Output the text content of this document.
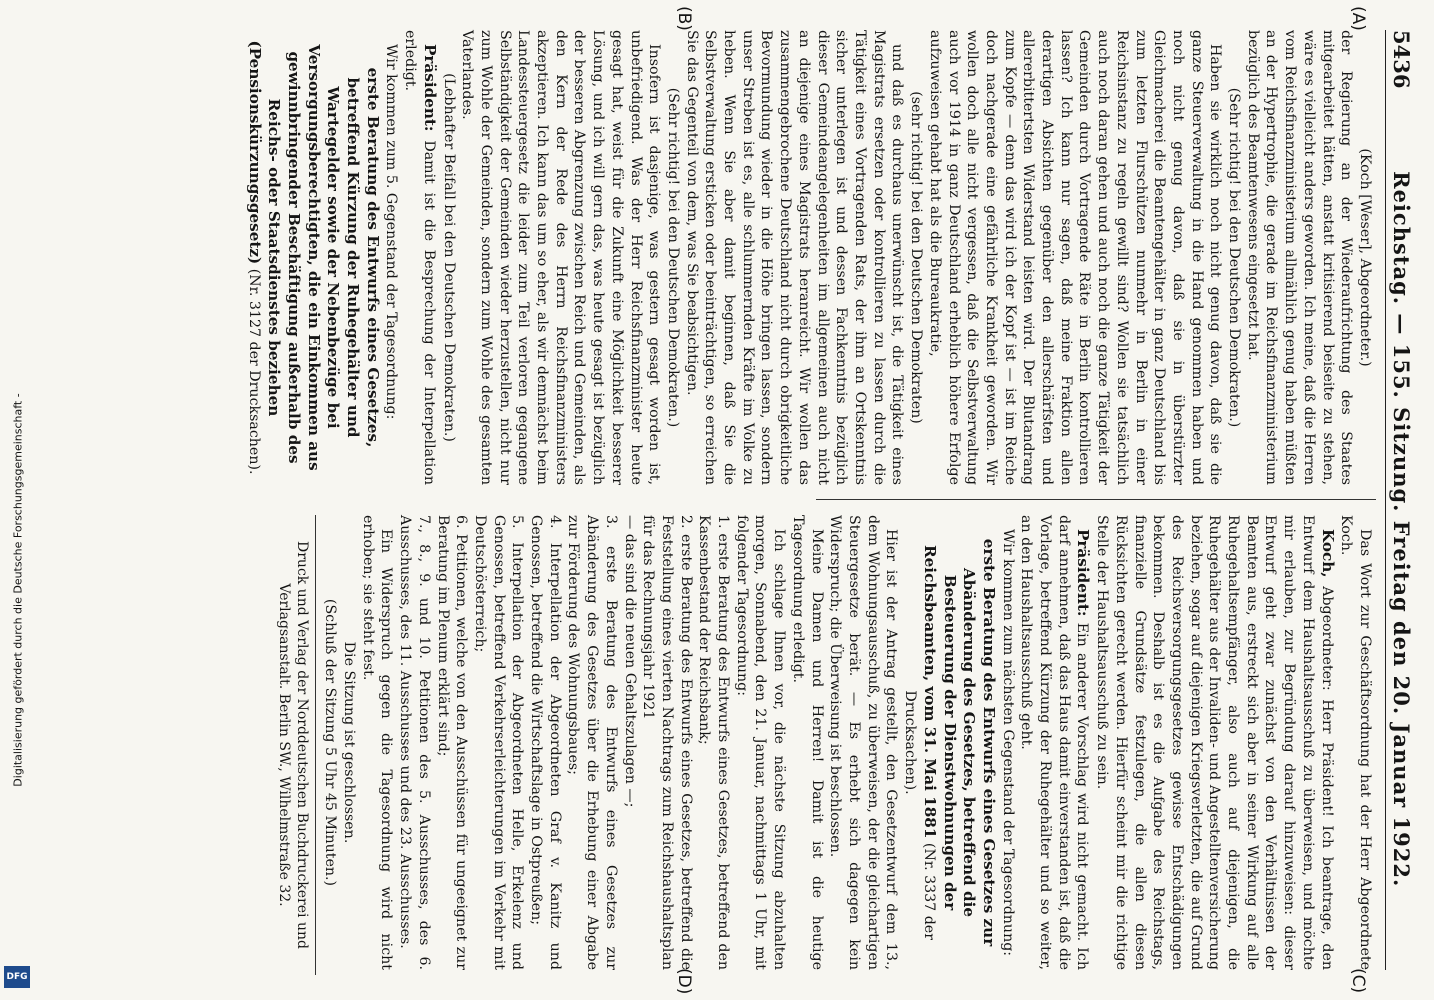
5436
Reichstag. — 155. Sitzung. Freitag den 20. Januar 1922.
(A)
(B)
(C)
(D)

(Koch [Weser], Abgeordneter.)

der Regierung an der Wiederaufrichtung des Staates mitgearbeitet hätten, anstatt kritisierend beiseite zu stehen, wäre es vielleicht anders geworden. Ich meine, daß die Herren vom Reichsfinanzministerium allmählich genug haben müßten an der Hypertrophie, die gerade im Reichsfinanzministerium bezüglich des Beamtenwesens eingesetzt hat.

(Sehr richtig! bei den Deutschen Demokraten.)

Haben sie wirklich noch nicht genug davon, daß sie die ganze Steuerverwaltung in die Hand genommen haben und noch nicht genug davon, daß sie in überstürzter Gleichmacherei die Beamtengehälter in ganz Deutschland bis zum letzten Flurschützen nunmehr in Berlin in einer Reichsinstanz zu regeln gewillt sind? Wollen sie tatsächlich auch noch daran gehen und auch noch die ganze Tätigkeit der Gemeinden durch Vortragende Räte in Berlin kontrollieren lassen? Ich kann nur sagen, daß meine Fraktion allen derartigen Absichten gegenüber den allerschärfsten und allererbittertsten Widerstand leisten wird. Der Blutandrang zum Kopfe — denn das wird ich der Kopf ist — ist im Reiche doch nachgerade eine gefährliche Krankheit geworden. Wir wollen doch alle nicht vergessen, daß die Selbstverwaltung auch vor 1914 in ganz Deutschland erheblich höhere Erfolge aufzuweisen gehabt hat als die Bureaukratie,

(sehr richtig! bei den Deutschen Demokraten)

und daß es durchaus unerwünscht ist, die Tätigkeit eines Magistrats ersetzen oder kontrollieren zu lassen durch die Tätigkeit eines Vortragenden Rats, der ihm an Ortskenntnis sicher unterlegen ist und dessen Fachkenntnis bezüglich dieser Gemeindeangelegenheiten im allgemeinen auch nicht an diejenige eines Magistrats heranreicht. Wir wollen das zusammengebrochene Deutschland nicht durch obrigkeitliche Bevormundung wieder in die Höhe bringen lassen, sondern unser Streben ist es, alle schlummernden Kräfte im Volke zu heben. Wenn Sie aber damit beginnen, daß Sie die Selbstverwaltung ersticken oder beeinträchtigen, so erreichen Sie das Gegenteil von dem, was Sie beabsichtigen.

(Sehr richtig! bei den Deutschen Demokraten.)

Insofern ist dasjenige, was gestern gesagt worden ist, unbefriedigend. Was der Herr Reichsfinanzminister heute gesagt hat, weist für die Zukunft eine Möglichkeit besserer Lösung, und ich will gern das, was heute gesagt ist bezüglich der besseren Abgrenzung zwischen Reich und Gemeinden, als den Kern der Rede des Herrn Reichsfinanzministers akzeptieren. Ich kann das um so eher, als wir demnächst beim Landessteuergesetz die leider zum Teil verloren gegangene Selbständigkeit der Gemeinden wieder herzustellen, nicht nur zum Wohle der Gemeinden, sondern zum Wohle des gesamten Vaterlandes.

(Lebhafter Beifall bei den Deutschen Demokraten.)

Präsident: Damit ist die Besprechung der Interpellation erledigt.

Wir kommen zum 5. Gegenstand der Tagesordnung:

erste Beratung des Entwurfs eines Gesetzes, betreffend Kürzung der Ruhegehälter und Wartegelder sowie der Nebenbezüge bei Versorgungsberechtigten, die ein Einkommen aus gewinnbringender Beschäftigung außerhalb des Reichs- oder Staatsdienstes beziehen (Pensionskürzungsgesetz) (Nr. 3127 der Drucksachen).

Das Wort zur Geschäftsordnung hat der Herr Abgeordnete Koch.

Koch, Abgeordneter: Herr Präsident! Ich beantrage, den Entwurf dem Haushaltsausschuß zu überweisen, und möchte mir erlauben, zur Begründung darauf hinzuweisen: dieser Entwurf geht zwar zunächst von den Verhältnissen der Beamten aus, erstreckt sich aber in seiner Wirkung auf alle Ruhegehaltsempfänger, also auch auf diejenigen, die Ruhegehälter aus der Invaliden- und Angestelltenversicherung beziehen, sogar auf diejenigen Kriegsverletzten, die auf Grund des Reichsversorgungsgesetzes gewisse Entschädigungen bekommen. Deshalb ist es die Aufgabe des Reichstags, finanzielle Grundsätze festzulegen, die allen diesen Rücksichten gerecht werden. Hierfür scheint mir die richtige Stelle der Haushaltsausschuß zu sein.

Präsident: Ein anderer Vorschlag wird nicht gemacht. Ich darf annehmen, daß das Haus damit einverstanden ist, daß die Vorlage, betreffend Kürzung der Ruhegehälter und so weiter, an den Haushaltsausschuß geht.

Wir kommen zum nächsten Gegenstand der Tagesordnung:

erste Beratung des Entwurfs eines Gesetzes zur Abänderung des Gesetzes, betreffend die Besteuerung der Dienstwohnungen der Reichsbeamten, vom 31. Mai 1881 (Nr. 3337 der Drucksachen).

Hier ist der Antrag gestellt, den Gesetzentwurf dem 13., dem Wohnungsausschuß, zu überweisen, der die gleichartigen Steuergesetze berät. — Es erhebt sich dagegen kein Widerspruch; die Überweisung ist beschlossen.

Meine Damen und Herren! Damit ist die heutige Tagesordnung erledigt.

Ich schlage Ihnen vor, die nächste Sitzung abzuhalten morgen, Sonnabend, den 21. Januar, nachmittags 1 Uhr, mit folgender Tagesordnung:

1. erste Beratung des Entwurfs eines Gesetzes, betreffend den Kassenbestand der Reichsbank;

2. erste Beratung des Entwurfs eines Gesetzes, betreffend die Feststellung eines vierten Nachtrags zum Reichshaushaltsplan für das Rechnungsjahr 1921

— das sind die neuen Gehaltszulagen —;

3. erste Beratung des Entwurfs eines Gesetzes zur Abänderung des Gesetzes über die Erhebung einer Abgabe zur Förderung des Wohnungsbaues;

4. Interpellation der Abgeordneten Graf v. Kanitz und Genossen, betreffend die Wirtschaftslage in Ostpreußen;

5. Interpellation der Abgeordneten Helle, Erkelenz und Genossen, betreffend Verkehrserleichterungen im Verkehr mit Deutschösterreich;

6. Petitionen, welche von den Ausschüssen für ungeeignet zur Beratung im Plenum erklärt sind;

7., 8., 9. und 10. Petitionen des 5. Ausschusses, des 6. Ausschusses, des 11. Ausschusses und des 23. Ausschusses.

Ein Widerspruch gegen die Tagesordnung wird nicht erhoben; sie steht fest.

Die Sitzung ist geschlossen.

(Schluß der Sitzung 5 Uhr 45 Minuten.)

Druck und Verlag der Norddeutschen Buchdruckerei und Verlagsanstalt. Berlin SW., Wilhelmstraße 32.
Digitalisierung gefördert durch die Deutsche Forschungsgemeinschaft -
DFG
